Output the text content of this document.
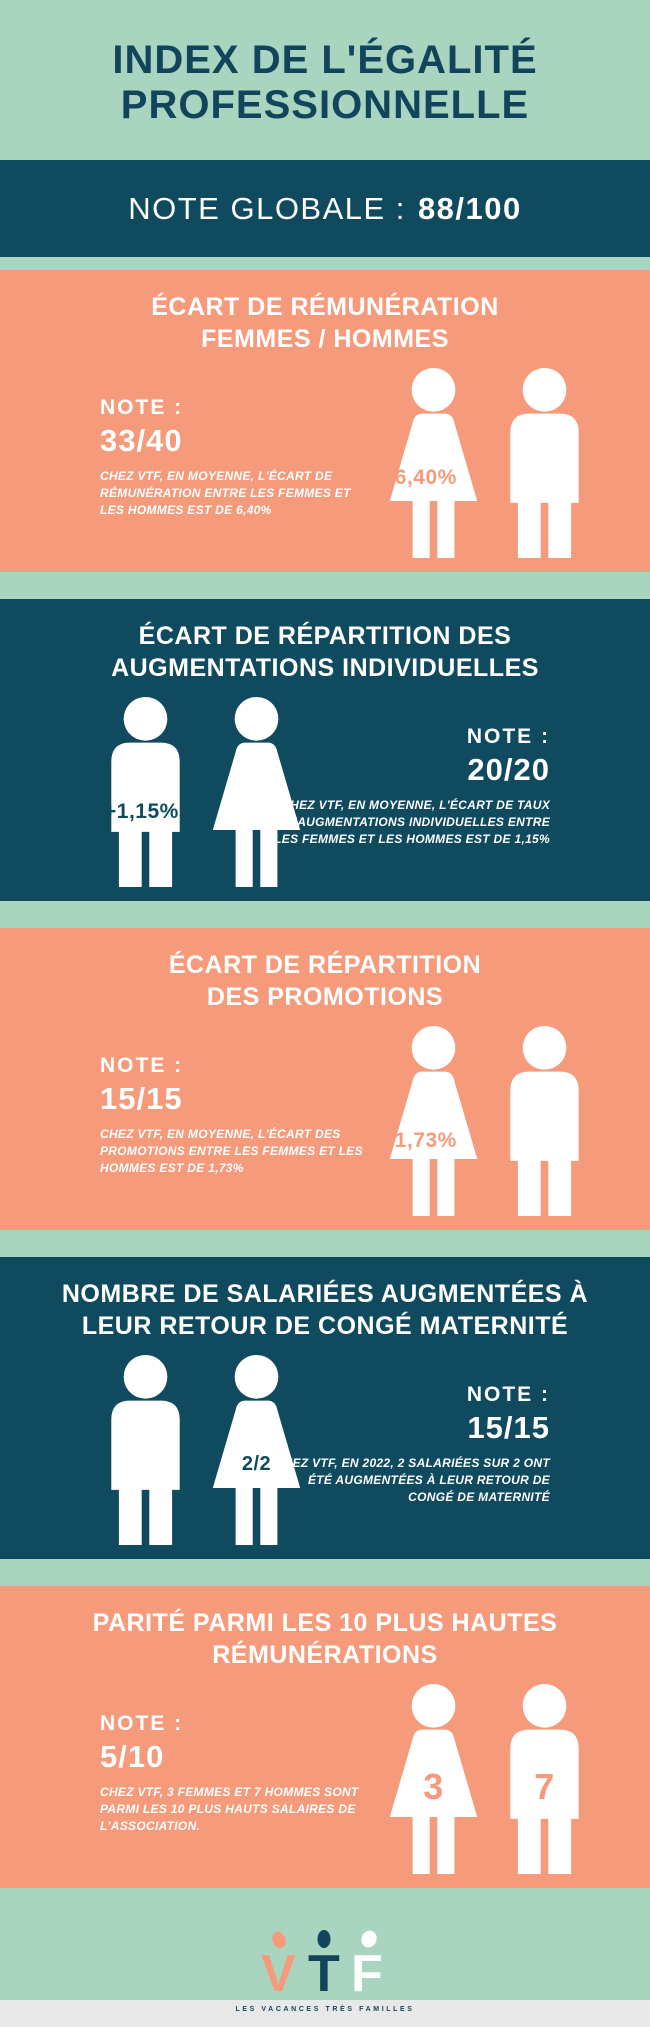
INDEX DE L'ÉGALITÉ PROFESSIONNELLE
NOTE GLOBALE : 88/100
ÉCART DE RÉMUNÉRATION
FEMMES / HOMMES
NOTE :
33/40
CHEZ VTF, EN MOYENNE, L'ÉCART DE RÉMUNÉRATION ENTRE LES FEMMES ET LES HOMMES EST DE 6,40%
+6,40%
ÉCART DE RÉPARTITION DES
AUGMENTATIONS INDIVIDUELLES
+1,15%
NOTE :
20/20
CHEZ VTF, EN MOYENNE, L'ÉCART DE TAUX D'AUGMENTATIONS INDIVIDUELLES ENTRE LES FEMMES ET LES HOMMES EST DE 1,15%
ÉCART DE RÉPARTITION
DES PROMOTIONS
NOTE :
15/15
CHEZ VTF, EN MOYENNE, L'ÉCART DES PROMOTIONS ENTRE LES FEMMES ET LES HOMMES EST DE 1,73%
+1,73%
NOMBRE DE SALARIÉES AUGMENTÉES À
LEUR RETOUR DE CONGÉ MATERNITÉ
2/2
NOTE :
15/15
CHEZ VTF, EN 2022, 2 SALARIÉES SUR 2 ONT ÉTÉ AUGMENTÉES À LEUR RETOUR DE CONGÉ DE MATERNITÉ
PARITÉ PARMI LES 10 PLUS HAUTES
RÉMUNÉRATIONS
NOTE :
5/10
CHEZ VTF, 3 FEMMES ET 7 HOMMES SONT PARMI LES 10 PLUS HAUTS SALAIRES DE L'ASSOCIATION.
3	7
V T F
LES VACANCES TRÈS FAMILLES
